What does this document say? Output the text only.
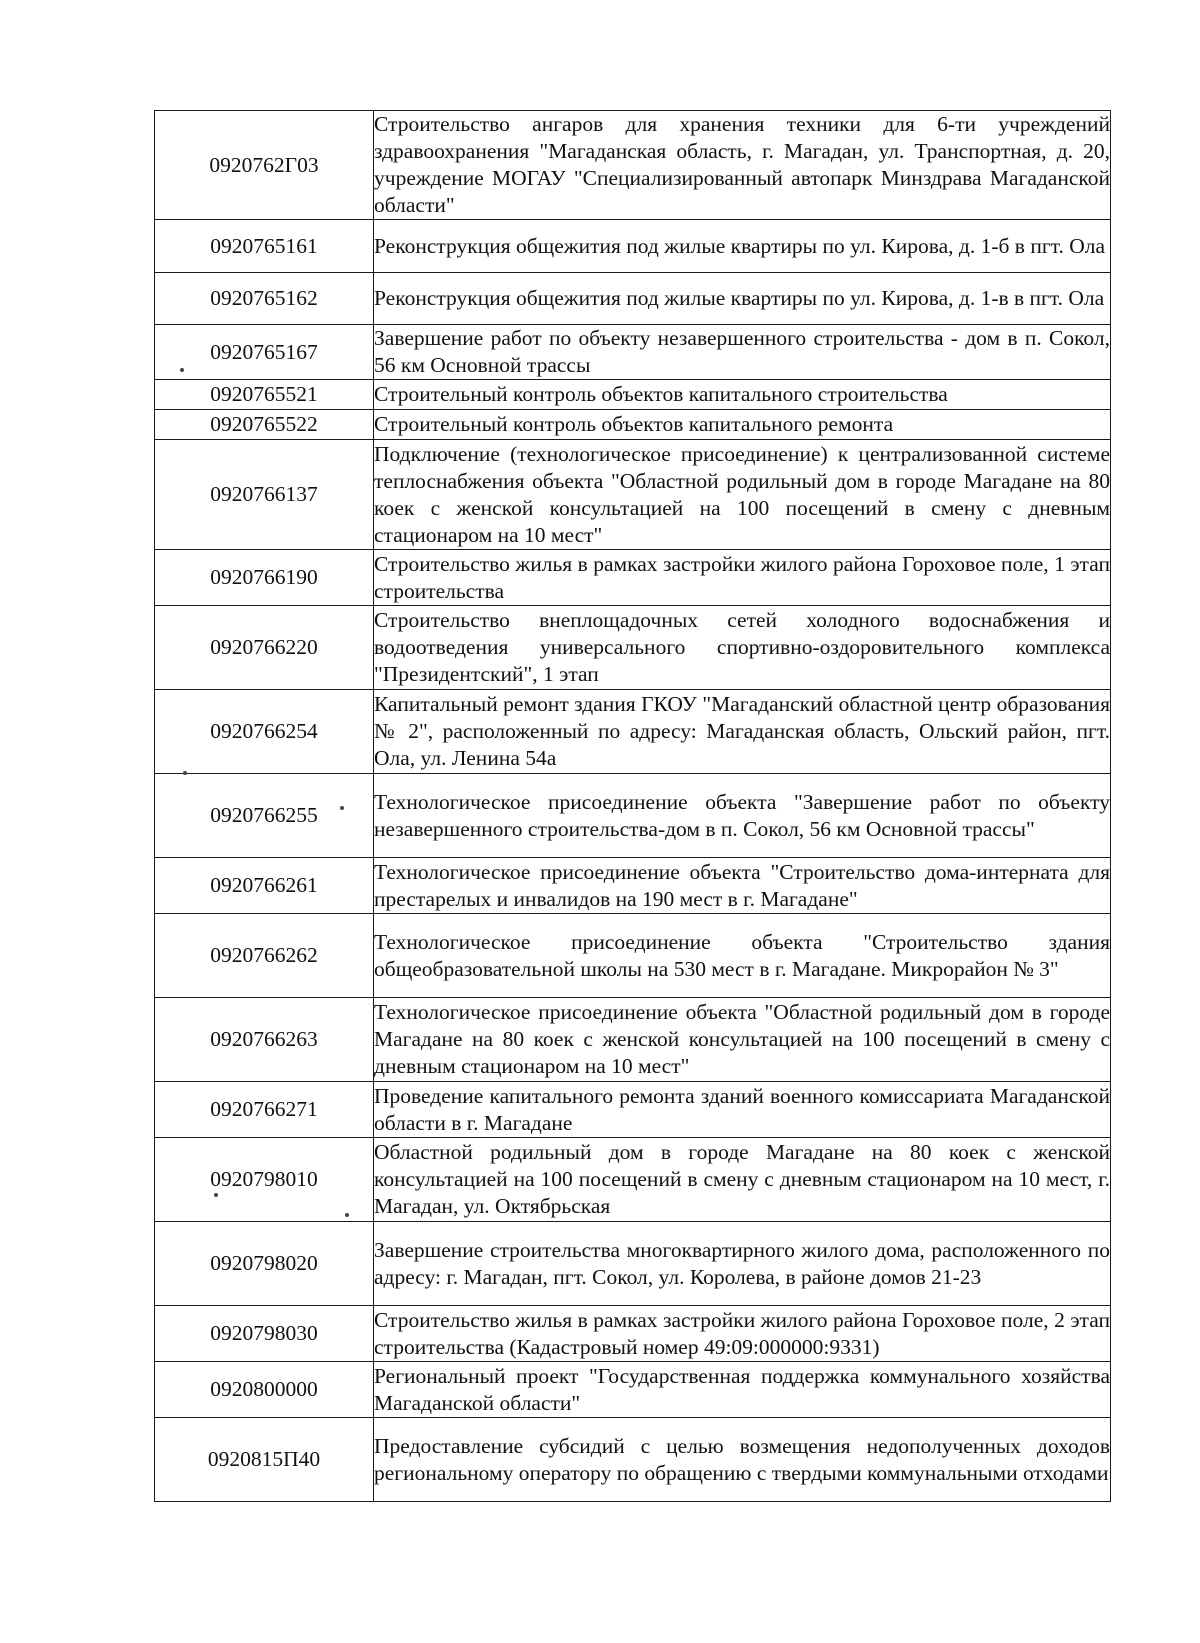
0920762Г03	Строительство ангаров для хранения техники для 6-ти учреждений здравоохранения "Магаданская область, г. Магадан, ул. Транспортная, д. 20, учреждение МОГАУ "Специализированный автопарк Минздрава Магаданской области"
0920765161	Реконструкция общежития под жилые квартиры по ул. Кирова, д. 1-б в пгт. Ола
0920765162	Реконструкция общежития под жилые квартиры по ул. Кирова, д. 1-в в пгт. Ола
0920765167	Завершение работ по объекту незавершенного строительства - дом в п. Сокол, 56 км Основной трассы
0920765521	Строительный контроль объектов капитального строительства
0920765522	Строительный контроль объектов капитального ремонта
0920766137	Подключение (технологическое присоединение) к централизованной системе теплоснабжения объекта "Областной родильный дом в городе Магадане на 80 коек с женской консультацией на 100 посещений в смену с дневным стационаром на 10 мест"
0920766190	Строительство жилья в рамках застройки жилого района Гороховое поле, 1 этап строительства
0920766220	Строительство внеплощадочных сетей холодного водоснабжения и водоотведения универсального спортивно-оздоровительного комплекса "Президентский", 1 этап
0920766254	Капитальный ремонт здания ГКОУ "Магаданский областной центр образования № 2", расположенный по адресу: Магаданская область, Ольский район, пгт. Ола, ул. Ленина 54а
0920766255	Технологическое присоединение объекта "Завершение работ по объекту незавершенного строительства-дом в п. Сокол, 56 км Основной трассы"
0920766261	Технологическое присоединение объекта "Строительство дома-интерната для престарелых и инвалидов на 190 мест в г. Магадане"
0920766262	Технологическое присоединение объекта "Строительство здания общеобразовательной школы на 530 мест в г. Магадане. Микрорайон № 3"
0920766263	Технологическое присоединение объекта "Областной родильный дом в городе Магадане на 80 коек с женской консультацией на 100 посещений в смену с дневным стационаром на 10 мест"
0920766271	Проведение капитального ремонта зданий военного комиссариата Магаданской области в г. Магадане
0920798010	Областной родильный дом в городе Магадане на 80 коек с женской консультацией на 100 посещений в смену с дневным стационаром на 10 мест, г. Магадан, ул. Октябрьская
0920798020	Завершение строительства многоквартирного жилого дома, расположенного по адресу: г. Магадан, пгт. Сокол, ул. Королева, в районе домов 21-23
0920798030	Строительство жилья в рамках застройки жилого района Гороховое поле, 2 этап строительства (Кадастровый номер 49:09:000000:9331)
0920800000	Региональный проект "Государственная поддержка коммунального хозяйства Магаданской области"
0920815П40	Предоставление субсидий с целью возмещения недополученных доходов региональному оператору по обращению с твердыми коммунальными отходами
